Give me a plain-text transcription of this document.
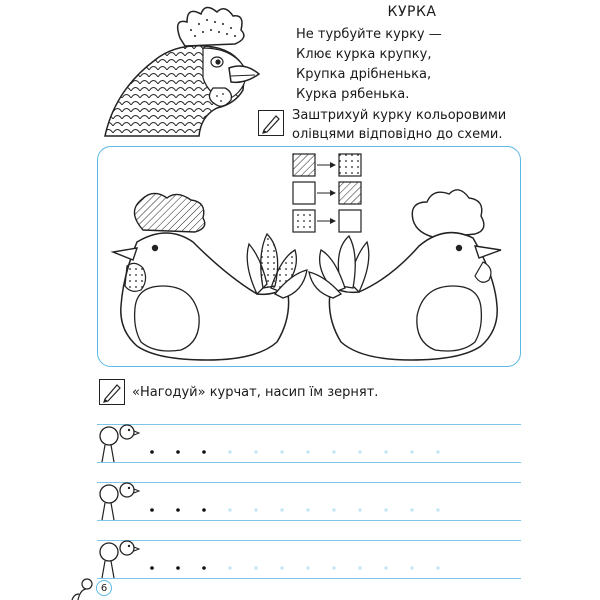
КУРКА
Не турбуйте курку —
Клює курка крупку,
Крупка дрібненька,
Курка рябенька.
Заштрихуй курку кольоровими
олівцями відповідно до схеми.
«Нагодуй» курчат, насип їм зернят.
6
